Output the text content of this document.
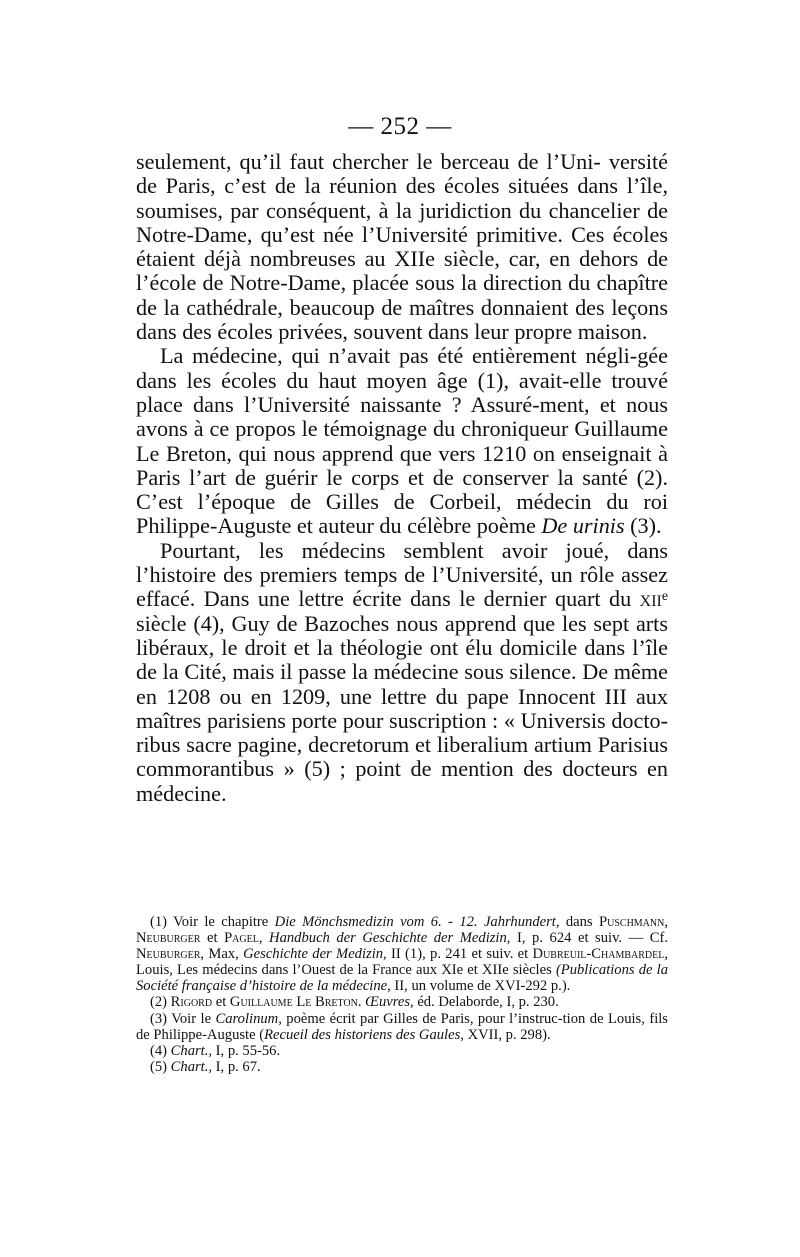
— 252 —

seulement, qu’il faut chercher le berceau de l’Uni- versité de Paris, c’est de la réunion des écoles situées dans l’île, soumises, par conséquent, à la juridiction du chancelier de Notre-Dame, qu’est née l’Université primitive. Ces écoles étaient déjà nombreuses au XIIe siècle, car, en dehors de l’école de Notre-Dame, placée sous la direction du chapître de la cathédrale, beaucoup de maîtres donnaient des leçons dans des écoles privées, souvent dans leur propre maison.

La médecine, qui n’avait pas été entièrement négli-gée dans les écoles du haut moyen âge (1), avait-elle trouvé place dans l’Université naissante ? Assuré-ment, et nous avons à ce propos le témoignage du chroniqueur Guillaume Le Breton, qui nous apprend que vers 1210 on enseignait à Paris l’art de guérir le corps et de conserver la santé (2). C’est l’époque de Gilles de Corbeil, médecin du roi Philippe-Auguste et auteur du célèbre poème De urinis (3).

Pourtant, les médecins semblent avoir joué, dans l’histoire des premiers temps de l’Université, un rôle assez effacé. Dans une lettre écrite dans le dernier quart du xii$^e$ siècle (4), Guy de Bazoches nous apprend que les sept arts libéraux, le droit et la théologie ont élu domicile dans l’île de la Cité, mais il passe la médecine sous silence. De même en 1208 ou en 1209, une lettre du pape Innocent III aux maîtres parisiens porte pour suscription : « Universis docto-ribus sacre pagine, decretorum et liberalium artium Parisius commorantibus » (5) ; point de mention des docteurs en médecine.

(1) Voir le chapitre Die Mönchsmedizin vom 6. - 12. Jahrhundert, dans Puschmann, Neuburger et Pagel, Handbuch der Geschichte der Medizin, I, p. 624 et suiv. — Cf. Neuburger, Max, Geschichte der Medizin, II (1), p. 241 et suiv. et Dubreuil-Chambardel, Louis, Les médecins dans l’Ouest de la France aux XIe et XIIe siècles (Publications de la Société française d’histoire de la médecine, II, un volume de XVI-292 p.).

(2) Rigord et Guillaume Le Breton. Œuvres, éd. Delaborde, I, p. 230.

(3) Voir le Carolinum, poème écrit par Gilles de Paris, pour l’instruc-tion de Louis, fils de Philippe-Auguste (Recueil des historiens des Gaules, XVII, p. 298).

(4) Chart., I, p. 55-56.

(5) Chart., I, p. 67.
